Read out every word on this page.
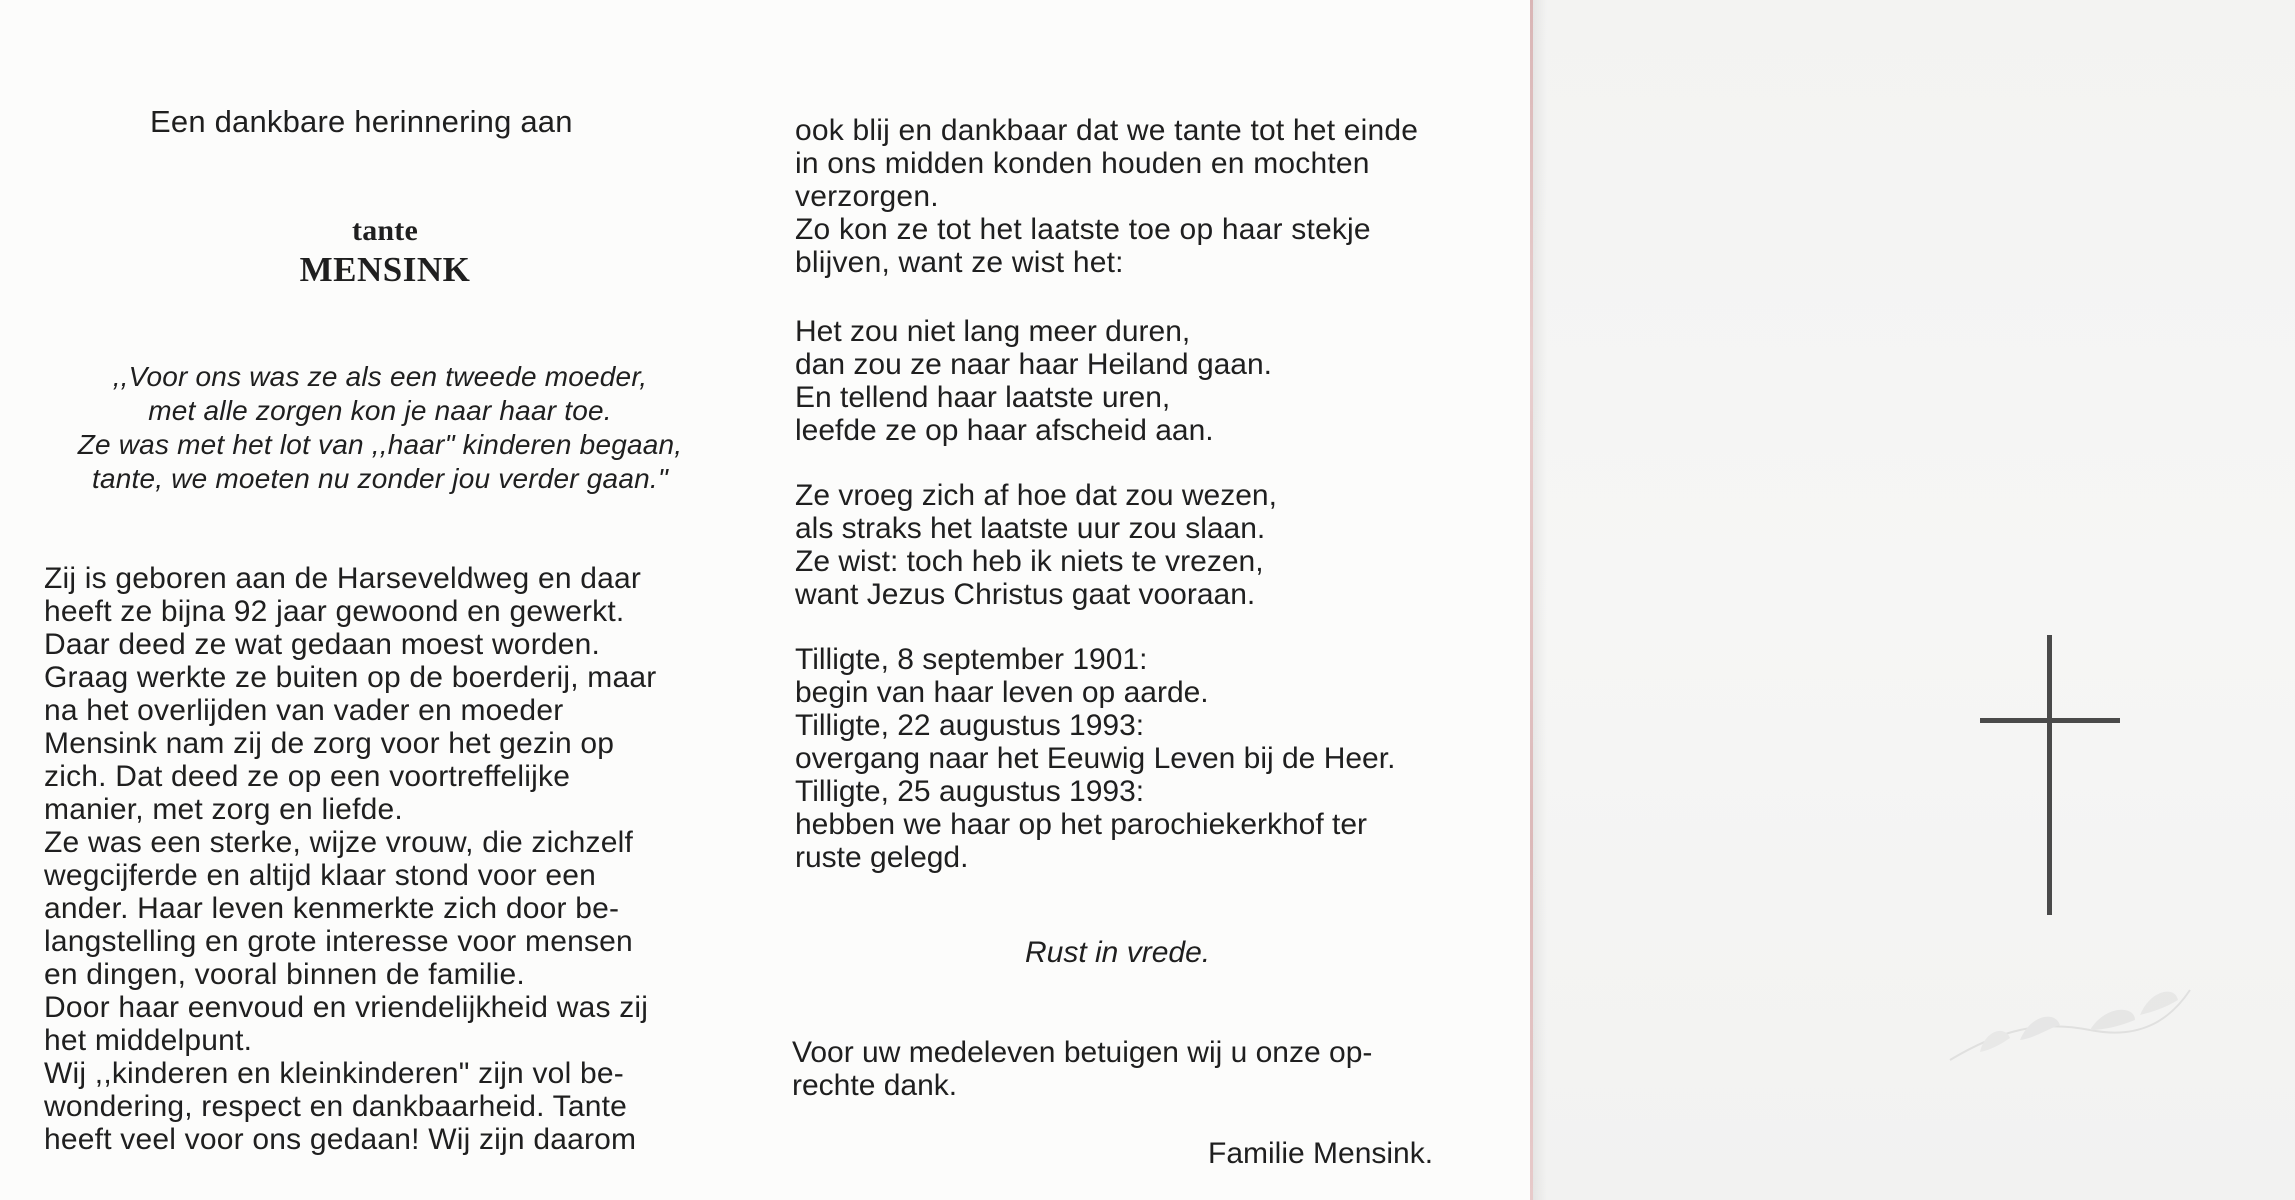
Een dankbare herinnering aan

tante

MENSINK

,,Voor ons was ze als een tweede moeder,
met alle zorgen kon je naar haar toe.
Ze was met het lot van ,,haar" kinderen begaan,
tante, we moeten nu zonder jou verder gaan."

Zij is geboren aan de Harseveldweg en daar
heeft ze bijna 92 jaar gewoond en gewerkt.
Daar deed ze wat gedaan moest worden.
Graag werkte ze buiten op de boerderij, maar
na het overlijden van vader en moeder
Mensink nam zij de zorg voor het gezin op
zich. Dat deed ze op een voortreffelijke
manier, met zorg en liefde.
Ze was een sterke, wijze vrouw, die zichzelf
wegcijferde en altijd klaar stond voor een
ander. Haar leven kenmerkte zich door be-
langstelling en grote interesse voor mensen
en dingen, vooral binnen de familie.
Door haar eenvoud en vriendelijkheid was zij
het middelpunt.
Wij ,,kinderen en kleinkinderen" zijn vol be-
wondering, respect en dankbaarheid. Tante
heeft veel voor ons gedaan! Wij zijn daarom

ook blij en dankbaar dat we tante tot het einde
in ons midden konden houden en mochten
verzorgen.
Zo kon ze tot het laatste toe op haar stekje
blijven, want ze wist het:

Het zou niet lang meer duren,
dan zou ze naar haar Heiland gaan.
En tellend haar laatste uren,
leefde ze op haar afscheid aan.

Ze vroeg zich af hoe dat zou wezen,
als straks het laatste uur zou slaan.
Ze wist: toch heb ik niets te vrezen,
want Jezus Christus gaat vooraan.

Tilligte, 8 september 1901:
begin van haar leven op aarde.
Tilligte, 22 augustus 1993:
overgang naar het Eeuwig Leven bij de Heer.
Tilligte, 25 augustus 1993:
hebben we haar op het parochiekerkhof ter
ruste gelegd.

Rust in vrede.

Voor uw medeleven betuigen wij u onze op-
rechte dank.

Familie Mensink.
